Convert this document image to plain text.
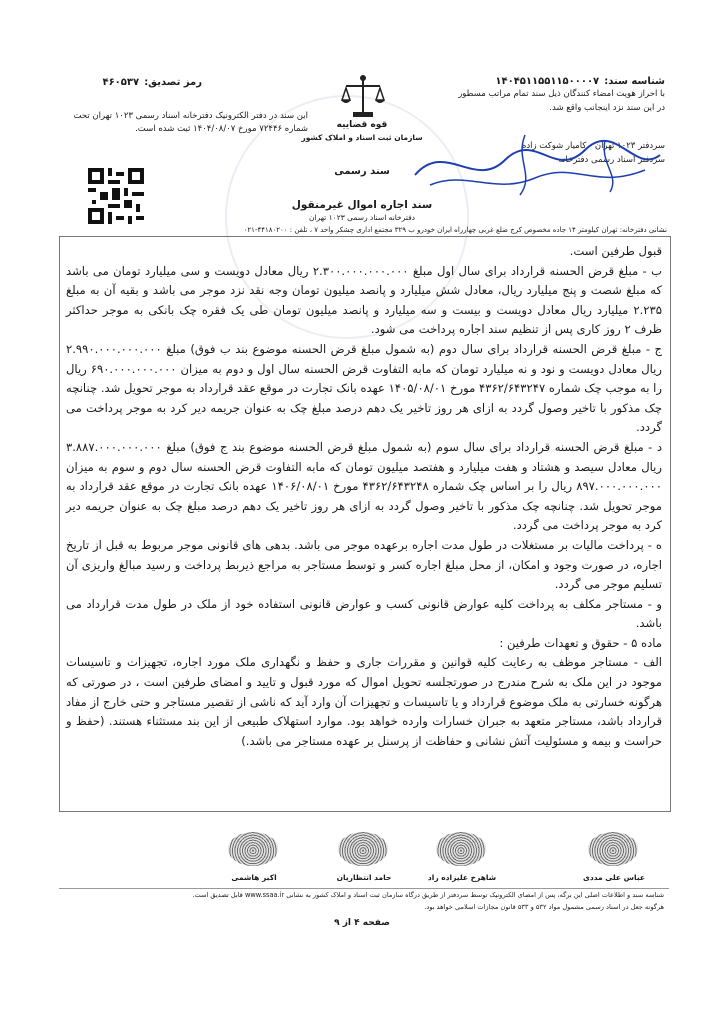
شناسه سند: ۱۴۰۴۵۱۱۵۵۱۱۵۰۰۰۰۷
با احراز هویت امضاء کنندگان ذیل سند تمام مراتب مسطور
در این سند نزد اینجانب واقع شد.
سردفتر ۱۰۲۳ تهران - کامیار شوکت زاده
سردفتر اسناد رسمی دفترخانه
رمز تصدیق: ۴۶۰۵۳۷
این سند در دفتر الکترونیک دفترخانه اسناد رسمی ۱۰۲۳ تهران تحت
شماره ۷۲۴۴۶ مورخ ۱۴۰۴/۰۸/۰۷ ثبت شده است.	قوه قضاییه
سازمان ثبت اسناد و املاک کشور
سند رسمی
سند اجاره اموال غیرمنقول
دفترخانه اسناد رسمی ۱۰۲۳ تهران
نشانی دفترخانه: تهران کیلومتر ۱۴ جاده مخصوص کرج ضلع غربی چهارراه ایران خودرو ب ۳۲۹ مجتمع اداری چشکر واحد ۷ ، تلفن : ۴۴۱۸۰۲۰۰-۰۲۱

قبول طرفین است.

ب - مبلغ قرض الحسنه قرارداد برای سال اول مبلغ ۲.۳۰۰.۰۰۰.۰۰۰.۰۰۰ ریال معادل دویست و سی میلیارد تومان می باشد که مبلغ شصت و پنج میلیارد ریال، معادل شش میلیارد و پانصد میلیون تومان وجه نقد نزد موجر می باشد و بقیه آن به مبلغ ۲.۲۳۵ میلیارد ریال معادل دویست و بیست و سه میلیارد و پانصد میلیون تومان طی یک فقره چک بانکی به موجر حداکثر ظرف ۲ روز کاری پس از تنظیم سند اجاره پرداخت می شود.

ج - مبلغ قرض الحسنه قرارداد برای سال دوم (به شمول مبلغ قرض الحسنه موضوع بند ب فوق) مبلغ ۲.۹۹۰.۰۰۰.۰۰۰.۰۰۰ ریال معادل دویست و نود و نه میلیارد تومان که مابه التفاوت قرض الحسنه سال اول و دوم به میزان ۶۹۰.۰۰۰.۰۰۰.۰۰۰ ریال را به موجب چک شماره ۴۳۶۲/۶۴۳۲۴۷ مورخ ۱۴۰۵/۰۸/۰۱ عهده بانک تجارت در موقع عقد قرارداد به موجر تحویل شد. چنانچه چک مذکور با تاخیر وصول گردد به ازای هر روز تاخیر یک دهم درصد مبلغ چک به عنوان جریمه دیر کرد به موجر پرداخت می گردد.

د - مبلغ قرض الحسنه قرارداد برای سال سوم (به شمول مبلغ قرض الحسنه موضوع بند ج فوق) مبلغ ۳.۸۸۷.۰۰۰.۰۰۰.۰۰۰ ریال معادل سیصد و هشتاد و هفت میلیارد و هفتصد میلیون تومان که مابه التفاوت قرض الحسنه سال دوم و سوم به میزان ۸۹۷.۰۰۰.۰۰۰.۰۰۰ ریال را بر اساس چک شماره ۴۳۶۲/۶۴۳۲۴۸ مورخ ۱۴۰۶/۰۸/۰۱ عهده بانک تجارت در موقع عقد قرارداد به موجر تحویل شد. چنانچه چک مذکور با تاخیر وصول گردد به ازای هر روز تاخیر یک دهم درصد مبلغ چک به عنوان جریمه دیر کرد به موجر پرداخت می گردد.

ه - پرداخت مالیات بر مستغلات در طول مدت اجاره برعهده موجر می باشد. بدهی های قانونی موجر مربوط به قبل از تاریخ اجاره، در صورت وجود و امکان، از محل مبلغ اجاره کسر و توسط مستاجر به مراجع ذیربط پرداخت و رسید مبالغ واریزی آن تسلیم موجر می گردد.

و - مستاجر مکلف به پرداخت کلیه عوارض قانونی کسب و عوارض قانونی استفاده خود از ملک در طول مدت قرارداد می باشد.

ماده ۵ - حقوق و تعهدات طرفین :

الف - مستاجر موظف به رعایت کلیه قوانین و مقررات جاری و حفظ و نگهداری ملک مورد اجاره، تجهیزات و تاسیسات موجود در این ملک به شرح مندرج در صورتجلسه تحویل اموال که مورد قبول و تایید و امضای طرفین است ، در صورتی که هرگونه خسارتی به ملک موضوع قرارداد و یا تاسیسات و تجهیزات آن وارد آید که ناشی از تقصیر مستاجر و حتی خارج از مفاد قرارداد باشد، مستاجر متعهد به جبران خسارات وارده خواهد بود. موارد استهلاک طبیعی از این بند مستثناء هستند. (حفظ و حراست و بیمه و مسئولیت آتش نشانی و حفاظت از پرسنل بر عهده مستاجر می باشد.)

عباس علی مددی
شاهرخ علیزاده راد
حامد انتظاریان
اکبر هاشمی
شناسه سند و اطلاعات اصلی این برگه، پس از امضای الکترونیک توسط سردفتر از طریق درگاه سازمان ثبت اسناد و املاک کشور به نشانی www.ssaa.ir قابل تصدیق است.
هرگونه جعل در اسناد رسمی مشمول مواد ۵۳۲ و ۵۳۳ قانون مجازات اسلامی خواهد بود.
صفحه ۴ از ۹
